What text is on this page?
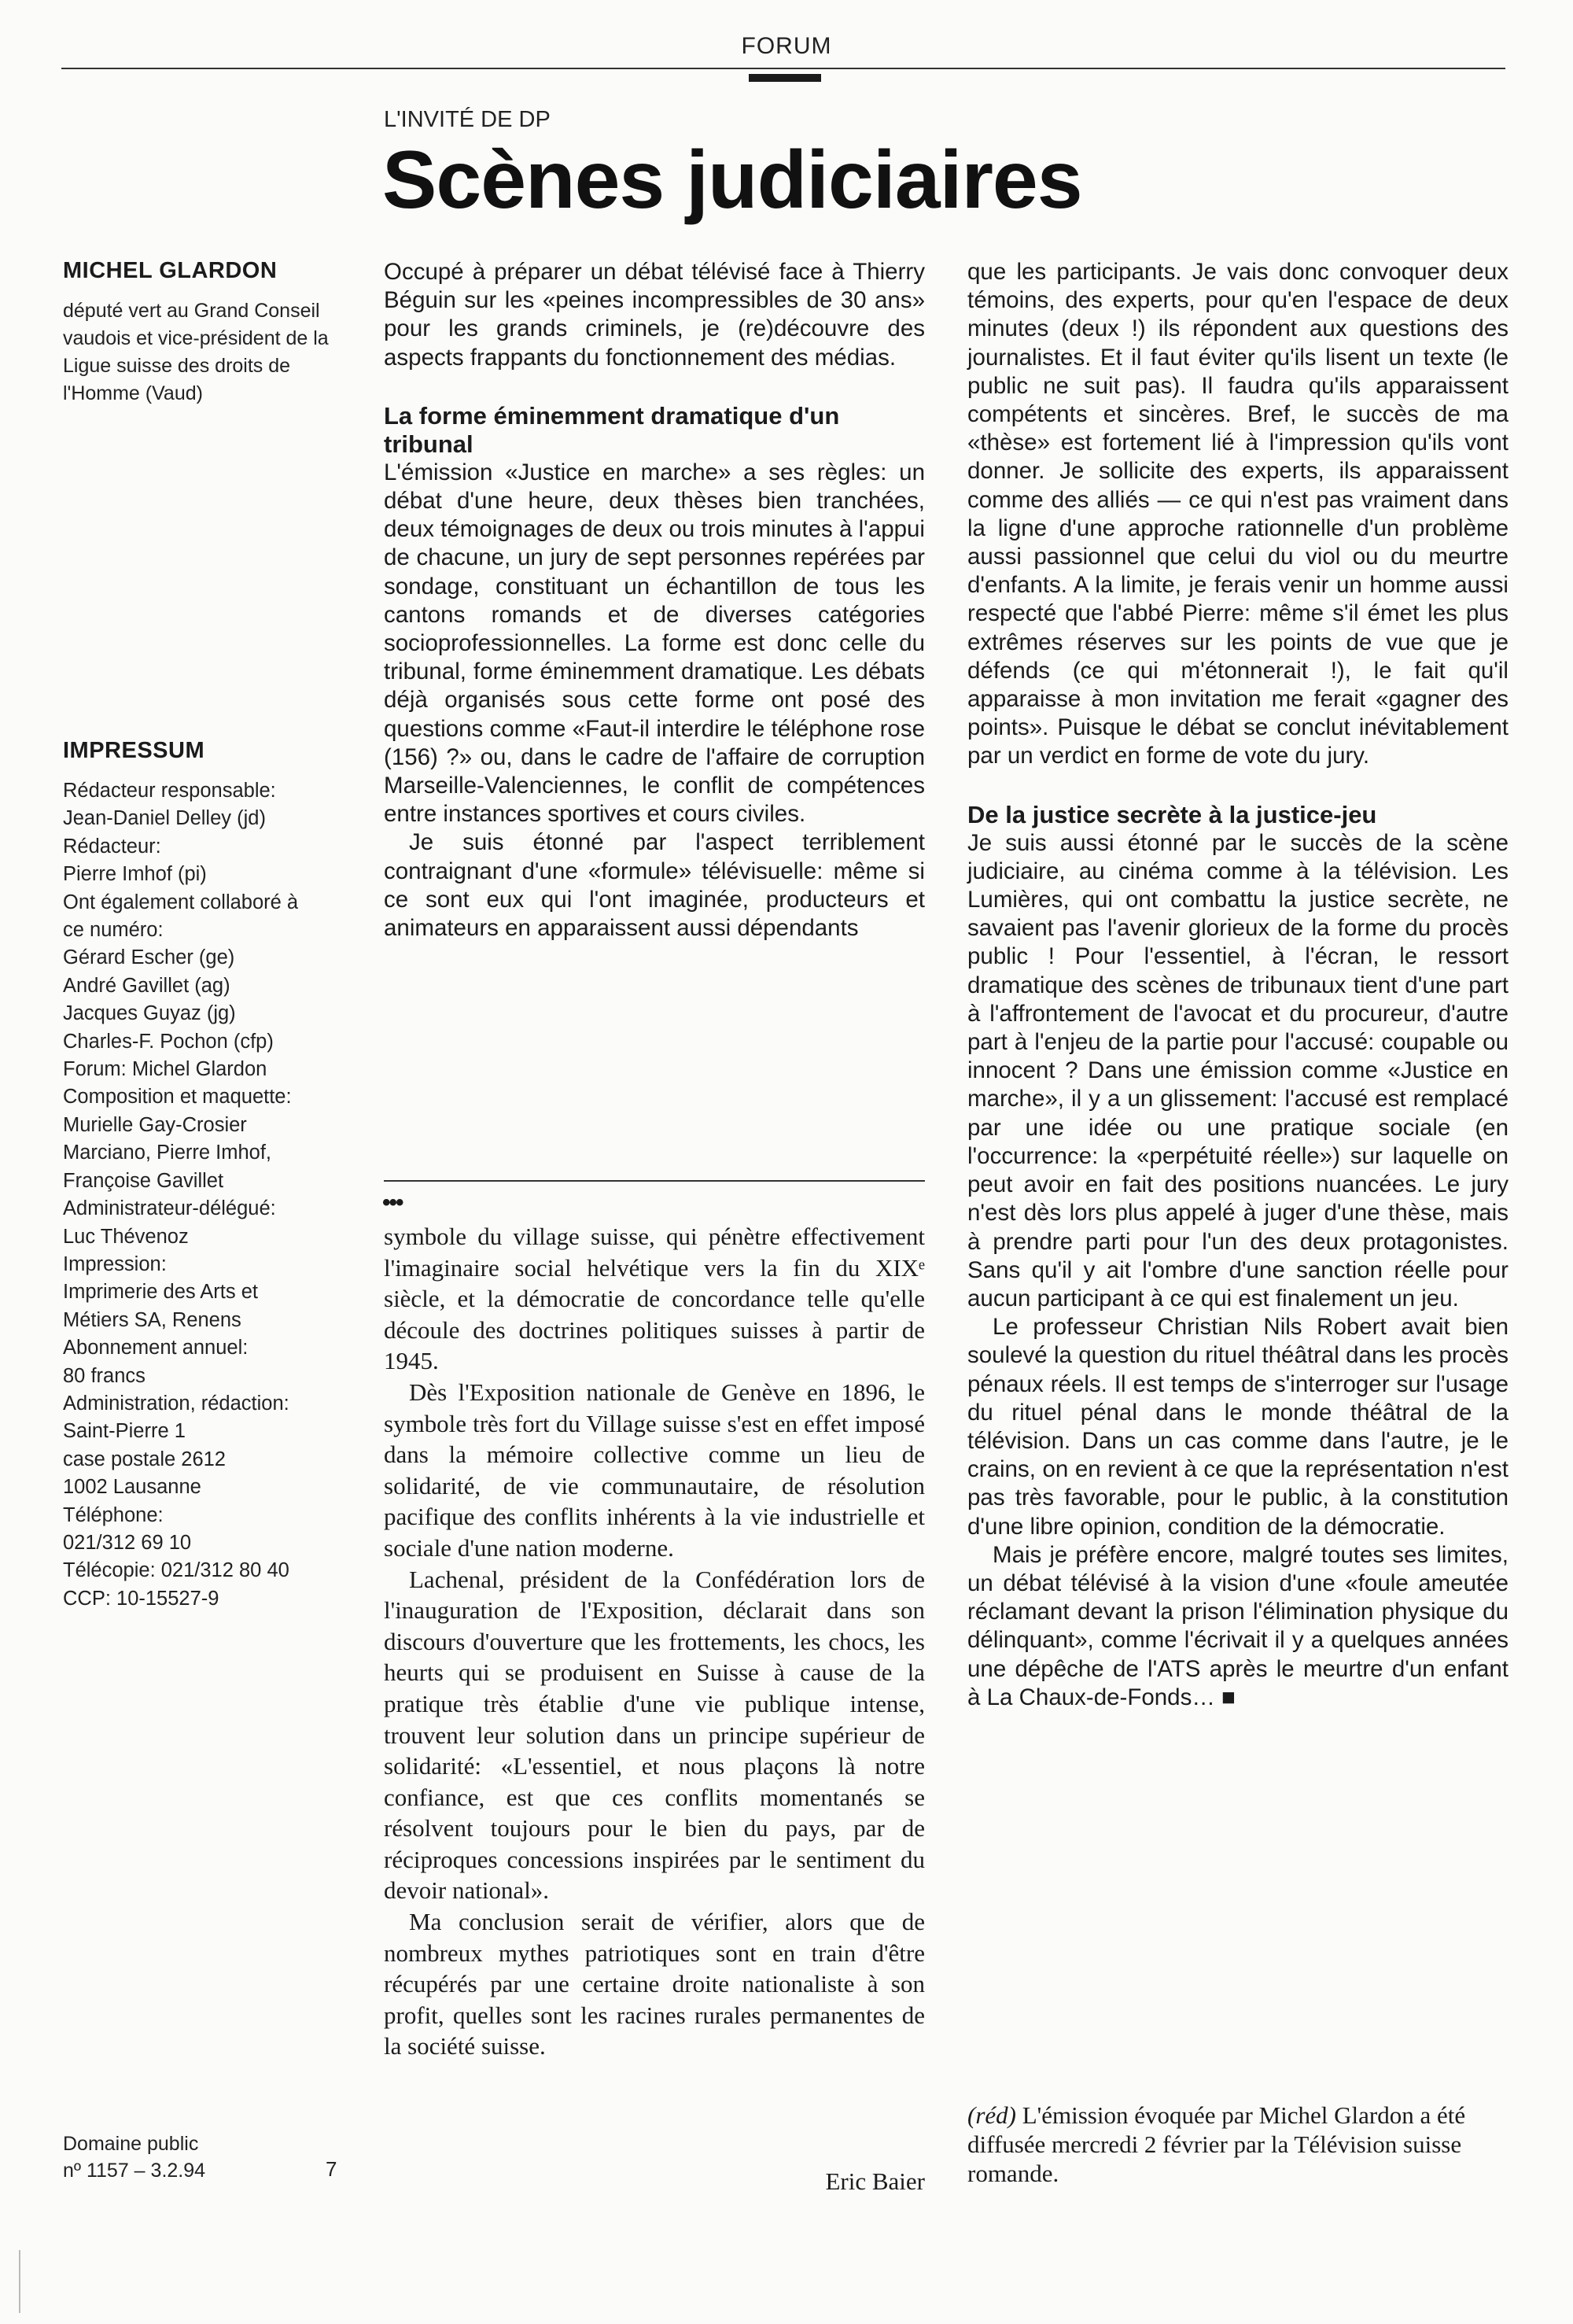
FORUM
L'INVITÉ DE DP
Scènes judiciaires
MICHEL GLARDON
député vert au Grand Conseil vaudois et vice-président de la Ligue suisse des droits de l'Homme (Vaud)
IMPRESSUM
Rédacteur responsable:
Jean-Daniel Delley (jd)
Rédacteur:
Pierre Imhof (pi)
Ont également collaboré à
ce numéro:
Gérard Escher (ge)
André Gavillet (ag)
Jacques Guyaz (jg)
Charles-F. Pochon (cfp)
Forum: Michel Glardon
Composition et maquette:
Murielle Gay-Crosier
Marciano, Pierre Imhof,
Françoise Gavillet
Administrateur-délégué:
Luc Thévenoz
Impression:
Imprimerie des Arts et
Métiers SA, Renens
Abonnement annuel:
80 francs
Administration, rédaction:
Saint-Pierre 1
case postale 2612
1002 Lausanne
Téléphone:
021/312 69 10
Télécopie: 021/312 80 40
CCP: 10-15527-9
Domaine public
nº 1157 – 3.2.94	7

Occupé à préparer un débat télévisé face à Thierry Béguin sur les «peines incompressibles de 30 ans» pour les grands criminels, je (re)découvre des aspects frappants du fonctionnement des médias.

La forme éminemment dramatique d'un tribunal

L'émission «Justice en marche» a ses règles: un débat d'une heure, deux thèses bien tranchées, deux témoignages de deux ou trois minutes à l'appui de chacune, un jury de sept personnes repérées par sondage, constituant un échantillon de tous les cantons romands et de diverses catégories socioprofessionnelles. La forme est donc celle du tribunal, forme éminemment dramatique. Les débats déjà organisés sous cette forme ont posé des questions comme «Faut-il interdire le téléphone rose (156) ?» ou, dans le cadre de l'affaire de corruption Marseille-Valenciennes, le conflit de compétences entre instances sportives et cours civiles.

Je suis étonné par l'aspect terriblement contraignant d'une «formule» télévisuelle: même si ce sont eux qui l'ont imaginée, producteurs et animateurs en apparaissent aussi dépendants

•••

symbole du village suisse, qui pénètre effectivement l'imaginaire social helvétique vers la fin du XIXᵉ siècle, et la démocratie de concordance telle qu'elle découle des doctrines politiques suisses à partir de 1945.

Dès l'Exposition nationale de Genève en 1896, le symbole très fort du Village suisse s'est en effet imposé dans la mémoire collective comme un lieu de solidarité, de vie communautaire, de résolution pacifique des conflits inhérents à la vie industrielle et sociale d'une nation moderne.

Lachenal, président de la Confédération lors de l'inauguration de l'Exposition, déclarait dans son discours d'ouverture que les frottements, les chocs, les heurts qui se produisent en Suisse à cause de la pratique très établie d'une vie publique intense, trouvent leur solution dans un principe supérieur de solidarité: «L'essentiel, et nous plaçons là notre confiance, est que ces conflits momentanés se résolvent toujours pour le bien du pays, par de réciproques concessions inspirées par le sentiment du devoir national».

Ma conclusion serait de vérifier, alors que de nombreux mythes patriotiques sont en train d'être récupérés par une certaine droite nationaliste à son profit, quelles sont les racines rurales permanentes de la société suisse.

Eric Baier

que les participants. Je vais donc convoquer deux témoins, des experts, pour qu'en l'espace de deux minutes (deux !) ils répondent aux questions des journalistes. Et il faut éviter qu'ils lisent un texte (le public ne suit pas). Il faudra qu'ils apparaissent compétents et sincères. Bref, le succès de ma «thèse» est fortement lié à l'impression qu'ils vont donner. Je sollicite des experts, ils apparaissent comme des alliés — ce qui n'est pas vraiment dans la ligne d'une approche rationnelle d'un problème aussi passionnel que celui du viol ou du meurtre d'enfants. A la limite, je ferais venir un homme aussi respecté que l'abbé Pierre: même s'il émet les plus extrêmes réserves sur les points de vue que je défends (ce qui m'étonnerait !), le fait qu'il apparaisse à mon invitation me ferait «gagner des points». Puisque le débat se conclut inévitablement par un verdict en forme de vote du jury.

De la justice secrète à la justice-jeu

Je suis aussi étonné par le succès de la scène judiciaire, au cinéma comme à la télévision. Les Lumières, qui ont combattu la justice secrète, ne savaient pas l'avenir glorieux de la forme du procès public ! Pour l'essentiel, à l'écran, le ressort dramatique des scènes de tribunaux tient d'une part à l'affrontement de l'avocat et du procureur, d'autre part à l'enjeu de la partie pour l'accusé: coupable ou innocent ? Dans une émission comme «Justice en marche», il y a un glissement: l'accusé est remplacé par une idée ou une pratique sociale (en l'occurrence: la «perpétuité réelle») sur laquelle on peut avoir en fait des positions nuancées. Le jury n'est dès lors plus appelé à juger d'une thèse, mais à prendre parti pour l'un des deux protagonistes. Sans qu'il y ait l'ombre d'une sanction réelle pour aucun participant à ce qui est finalement un jeu.

Le professeur Christian Nils Robert avait bien soulevé la question du rituel théâtral dans les procès pénaux réels. Il est temps de s'interroger sur l'usage du rituel pénal dans le monde théâtral de la télévision. Dans un cas comme dans l'autre, je le crains, on en revient à ce que la représentation n'est pas très favorable, pour le public, à la constitution d'une libre opinion, condition de la démocratie.

Mais je préfère encore, malgré toutes ses limites, un débat télévisé à la vision d'une «foule ameutée réclamant devant la prison l'élimination physique du délinquant», comme l'écrivait il y a quelques années une dépêche de l'ATS après le meurtre d'un enfant à La Chaux-de-Fonds… ■

(réd) L'émission évoquée par Michel Glardon a été diffusée mercredi 2 février par la Télévision suisse romande.
